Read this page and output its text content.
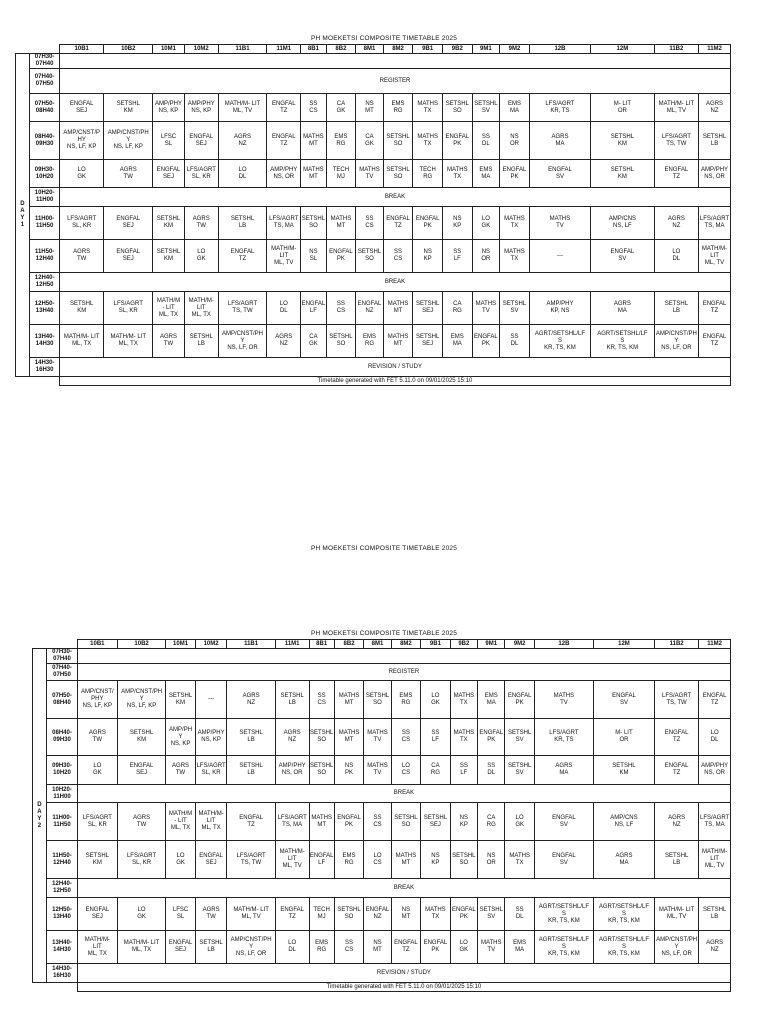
PH MOEKETSI COMPOSITE TIMETABLE 2025
		10B1	10B2	10M1	10M2	11B1	11M1	8B1	8B2	8M1	8M2	9B1	9B2	9M1	9M2	12B	12M	11B2	11M2
	D
A
Y
1	07H30-
07H40																		
	07H40-
07H50	REGISTER																	
	07H50-
08H40	ENGFAL
SEJ	SETSHL
KM	AMP/PHY
NS, KP	AMP/PHY
NS, KP	MATH/M- LIT
ML, TV	ENGFAL
TZ	SS
CS	CA
GK	NS
MT	EMS
RG	MATHS
TX	SETSHL
SO	SETSHL
SV	EMS
MA	LFS/AGRT
KR, TS	M- LIT
OR	MATH/M- LIT
ML, TV	AGRS
NZ
	08H40-
09H30	AMP/CNST/P
HY
NS, LF, KP	AMP/CNST/PH
Y
NS, LF, KP	LFSC
SL	ENGFAL
SEJ	AGRS
NZ	ENGFAL
TZ	MATHS
MT	EMS
RG	CA
GK	SETSHL
SO	MATHS
TX	ENGFAL
PK	SS
DL	NS
OR	AGRS
MA	SETSHL
KM	LFS/AGRT
TS, TW	SETSHL
LB
	09H30-
10H20	LO
GK	AGRS
TW	ENGFAL
SEJ	LFS/AGRT
SL, KR	LO
DL	AMP/PHY
NS, OR	MATHS
MT	TECH
MJ	MATHS
TV	SETSHL
SO	TECH
RG	MATHS
TX	EMS
MA	ENGFAL
PK	ENGFAL
SV	SETSHL
KM	ENGFAL
TZ	AMP/PHY
NS, OR
	10H20-
11H00	BREAK																	
	11H00-
11H50	LFS/AGRT
SL, KR	ENGFAL
SEJ	SETSHL
KM	AGRS
TW	SETSHL
LB	LFS/AGRT
TS, MA	SETSHL
SO	MATHS
MT	SS
CS	ENGFAL
TZ	ENGFAL
PK	NS
KP	LO
GK	MATHS
TX	MATHS
TV	AMP/CNS
NS, LF	AGRS
NZ	LFS/AGRT
TS, MA
	11H50-
12H40	AGRS
TW	ENGFAL
SEJ	SETSHL
KM	LO
GK	ENGFAL
TZ	MATH/M-
LIT
ML, TV	NS
SL	ENGFAL
PK	SETSHL
SO	SS
CS	NS
KP	SS
LF	NS
OR	MATHS
TX	---	ENGFAL
SV	LO
DL	MATH/M-
LIT
ML, TV
	12H40-
12H50	BREAK																	
	12H50-
13H40	SETSHL
KM	LFS/AGRT
SL, KR	MATH/M
- LIT
ML, TX	MATH/M-
LIT
ML, TX	LFS/AGRT
TS, TW	LO
DL	ENGFAL
LF	SS
CS	ENGFAL
NZ	MATHS
MT	SETSHL
SEJ	CA
RG	MATHS
TV	SETSHL
SV	AMP/PHY
KP, NS	AGRS
MA	SETSHL
LB	ENGFAL
TZ
	13H40-
14H30	MATH/M- LIT
ML, TX	MATH/M- LIT
ML, TX	AGRS
TW	SETSHL
LB	AMP/CNST/PH
Y
NS, LF, OR	AGRS
NZ	CA
GK	SETSHL
SO	EMS
RG	MATHS
MT	SETSHL
SEJ	EMS
MA	ENGFAL
PK	SS
DL	AGRT/SETSHL/LF
S
KR, TS, KM	AGRT/SETSHL/LF
S
KR, TS, KM	AMP/CNST/PH
Y
NS, LF, OR	ENGFAL
TZ
	14H30-
16H30	REVISION / STUDY																	
		Timetable generated with FET 5.11.0 on 09/01/2025 15:10																	
PH MOEKETSI COMPOSITE TIMETABLE 2025
PH MOEKETSI COMPOSITE TIMETABLE 2025
		10B1	10B2	10M1	10M2	11B1	11M1	8B1	8B2	8M1	8M2	9B1	9B2	9M1	9M2	12B	12M	11B2	11M2
	D
A
Y
2	07H30-
07H40																		
	07H40-
07H50	REGISTER																	
	07H50-
08H40	AMP/CNST/
PHY
NS, LF, KP	AMP/CNST/PH
Y
NS, LF, KP	SETSHL
KM	---	AGRS
NZ	SETSHL
LB	SS
CS	MATHS
MT	SETSHL
SO	EMS
RG	LO
GK	MATHS
TX	EMS
MA	ENGFAL
PK	MATHS
TV	ENGFAL
SV	LFS/AGRT
TS, TW	ENGFAL
TZ
	08H40-
09H30	AGRS
TW	SETSHL
KM	AMP/PH
Y
NS, KP	AMP/PHY
NS, KP	SETSHL
LB	AGRS
NZ	SETSHL
SO	MATHS
MT	MATHS
TV	SS
CS	SS
LF	MATHS
TX	ENGFAL
PK	SETSHL
SV	LFS/AGRT
KR, TS	M- LIT
OR	ENGFAL
TZ	LO
DL
	09H30-
10H20	LO
GK	ENGFAL
SEJ	AGRS
TW	LFS/AGRT
SL, KR	SETSHL
LB	AMP/PHY
NS, OR	SETSHL
SO	NS
PK	MATHS
TV	LO
CS	CA
RG	SS
LF	SS
DL	SETSHL
SV	AGRS
MA	SETSHL
KM	ENGFAL
TZ	AMP/PHY
NS, OR
	10H20-
11H00	BREAK																	
	11H00-
11H50	LFS/AGRT
SL, KR	AGRS
TW	MATH/M
- LIT
ML, TX	MATH/M-
LIT
ML, TX	ENGFAL
TZ	LFS/AGRT
TS, MA	MATHS
MT	ENGFAL
PK	SS
CS	SETSHL
SO	SETSHL
SEJ	NS
KP	CA
RG	LO
GK	ENGFAL
SV	AMP/CNS
NS, LF	AGRS
NZ	LFS/AGRT
TS, MA
	11H50-
12H40	SETSHL
KM	LFS/AGRT
SL, KR	LO
GK	ENGFAL
SEJ	LFS/AGRT
TS, TW	MATH/M-
LIT
ML, TV	ENGFAL
LF	EMS
RG	LO
CS	MATHS
MT	NS
KP	SETSHL
SO	NS
OR	MATHS
TX	ENGFAL
SV	AGRS
MA	SETSHL
LB	MATH/M-
LIT
ML, TV
	12H40-
12H50	BREAK																	
	12H50-
13H40	ENGFAL
SEJ	LO
GK	LFSC
SL	AGRS
TW	MATH/M- LIT
ML, TV	ENGFAL
TZ	TECH
MJ	SETSHL
SO	ENGFAL
NZ	NS
MT	MATHS
TX	ENGFAL
PK	SETSHL
SV	SS
DL	AGRT/SETSHL/LF
S
KR, TS, KM	AGRT/SETSHL/LF
S
KR, TS, KM	MATH/M- LIT
ML, TV	SETSHL
LB
	13H40-
14H30	MATH/M-
LIT
ML, TX	MATH/M- LIT
ML, TX	ENGFAL
SEJ	SETSHL
LB	AMP/CNST/PH
Y
NS, LF, OR	LO
DL	EMS
RG	SS
CS	NS
MT	ENGFAL
TZ	ENGFAL
PK	LO
GK	MATHS
TV	EMS
MA	AGRT/SETSHL/LF
S
KR, TS, KM	AGRT/SETSHL/LF
S
KR, TS, KM	AMP/CNST/PH
Y
NS, LF, OR	AGRS
NZ
	14H30-
16H30	REVISION / STUDY																	
		Timetable generated with FET 5.11.0 on 09/01/2025 15:10																	
